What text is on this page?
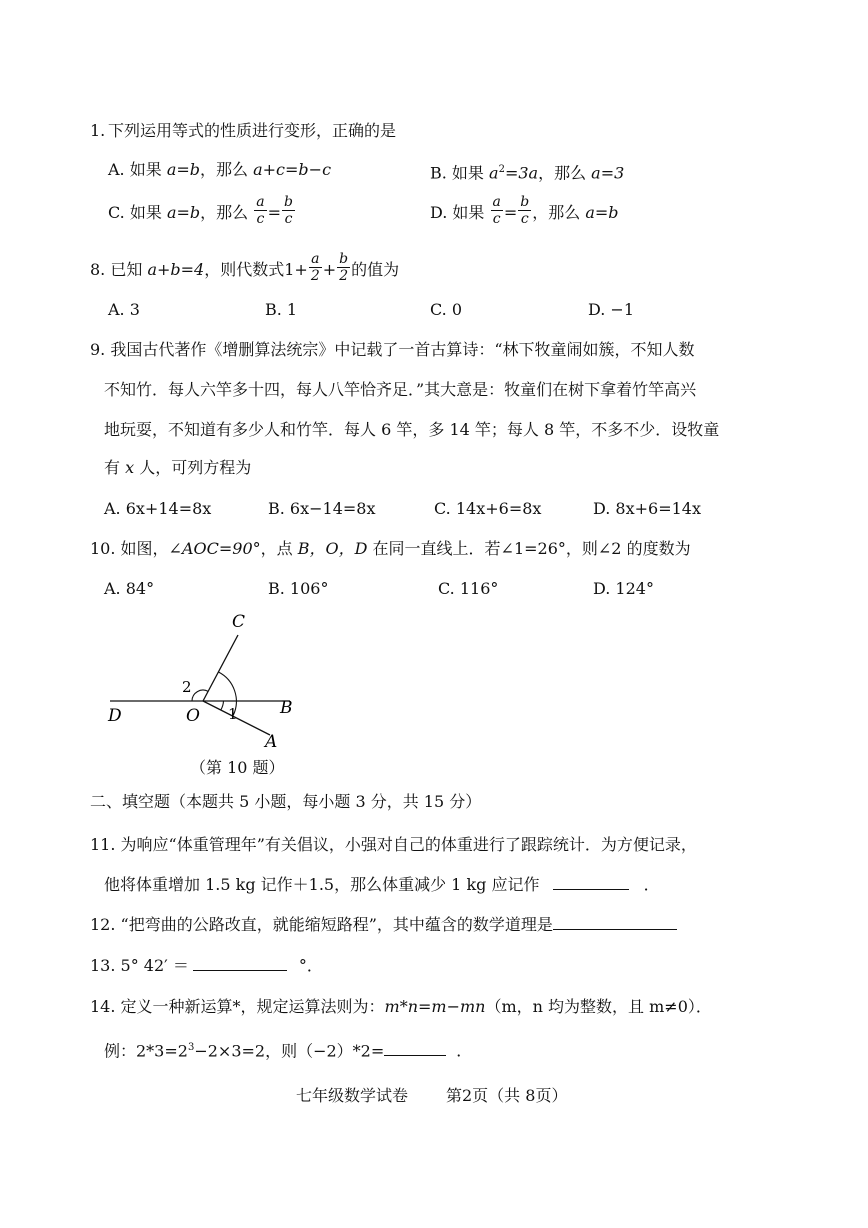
1. 下列运用等式的性质进行变形，正确的是
A. 如果 a=b，那么 a+c=b−c	B. 如果 $a^2=3a$，那么 a=3
C. 如果 a=b，那么 $\frac{a}{c} = \frac{b}{c}$	D. 如果 $\frac{a}{c} = \frac{b}{c}$ ，那么 a=b
8. 已知 a+b=4，则代数式$1+ \frac{a}{2} + \frac{b}{2}$ 的值为
A. 3	B. 1	C. 0	D. −1
9. 我国古代著作《增删算法统宗》中记载了一首古算诗：“林下牧童闹如簇，不知人数
不知竹．每人六竿多十四，每人八竿恰齐足．”其大意是：牧童们在树下拿着竹竿高兴
地玩耍，不知道有多少人和竹竿．每人 6 竿，多 14 竿；每人 8 竿，不多不少．设牧童
有 x 人，可列方程为
A. 6x+14=8x	B. 6x−14=8x	C. 14x+6=8x	D. 8x+6=14x
10. 如图，∠AOC=90°，点 B，O，D 在同一直线上．若∠1=26°，则∠2 的度数为
A. 84°	B. 106°	C. 116°	D. 124°
C
D	O	B
A
1
2
（第 10 题）
二、填空题（本题共 5 小题，每小题 3 分，共 15 分）
11. 为响应“体重管理年”有关倡议，小强对自己的体重进行了跟踪统计．为方便记录，
他将体重增加 1.5 kg 记作＋1.5，那么体重减少 1 kg 应记作	．
12. “把弯曲的公路改直，就能缩短路程”，其中蕴含的数学道理是
13. 5° 42′ ＝	°．
14. 定义一种新运算*，规定运算法则为：m*n=m−mn（m，n 均为整数，且 m≠0）．
例：$2*3=2^3-2\times 3=2$，则（−2）*2=	．
七年级数学试卷 第2页（共 8页）
